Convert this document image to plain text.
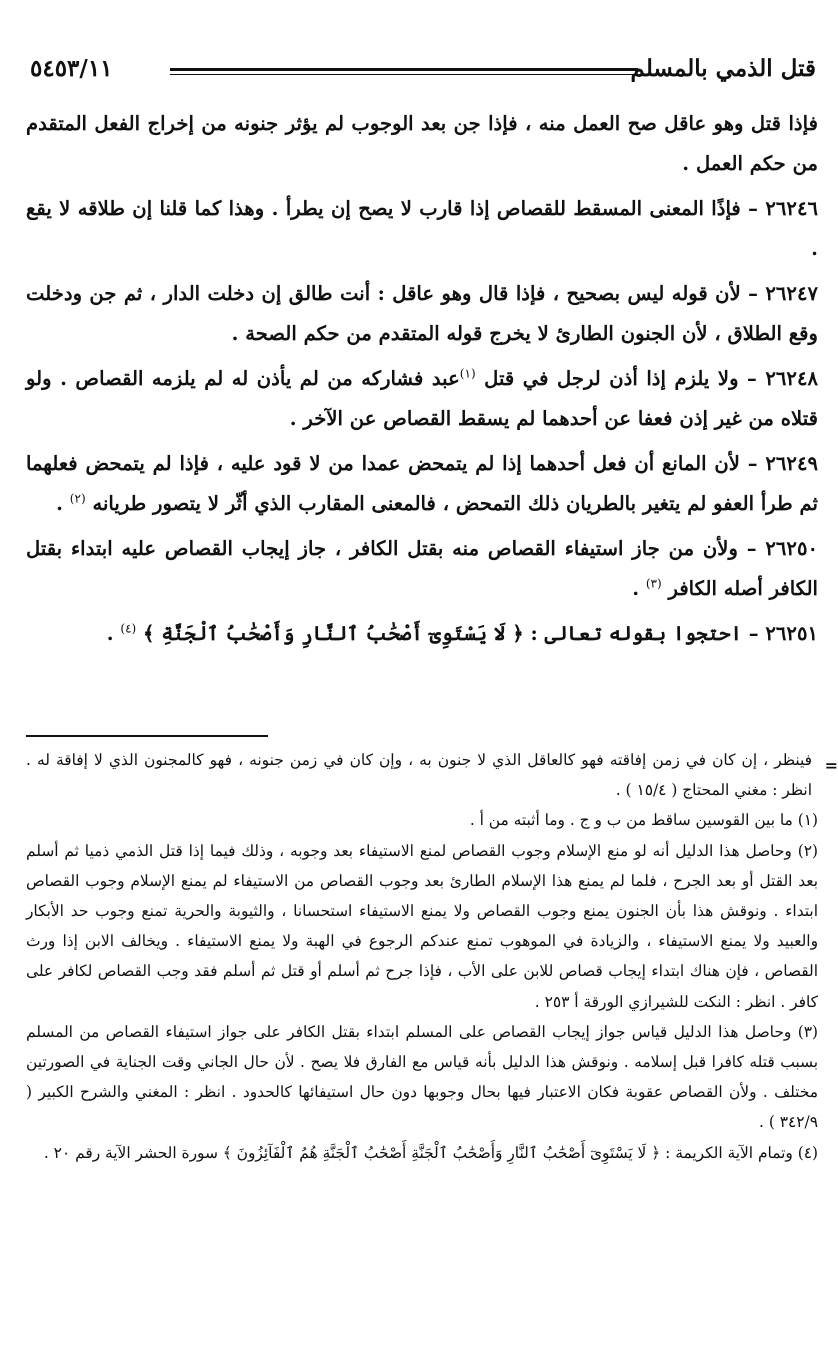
قتل الذمي بالمسلم
٥٤٥٣/١١

فإذا قتل وهو عاقل صح العمل منه ، فإذا جن بعد الوجوب لم يؤثر جنونه من إخراج الفعل المتقدم من حكم العمل .

٢٦٢٤٦ – فإذًا المعنى المسقط للقصاص إذا قارب لا يصح إن يطرأ . وهذا كما قلنا إن طلاقه لا يقع .

٢٦٢٤٧ – لأن قوله ليس بصحيح ، فإذا قال وهو عاقل : أنت طالق إن دخلت الدار ، ثم جن ودخلت وقع الطلاق ، لأن الجنون الطارئ لا يخرج قوله المتقدم من حكم الصحة .

٢٦٢٤٨ – ولا يلزم إذا أذن لرجل في قتل $^{(١)}$عبد فشاركه من لم يأذن له لم يلزمه القصاص . ولو قتلاه من غير إذن فعفا عن أحدهما لم يسقط القصاص عن الآخر .

٢٦٢٤٩ – لأن المانع أن فعل أحدهما إذا لم يتمحض عمدا من لا قود عليه ، فإذا لم يتمحض فعلهما ثم طرأ العفو لم يتغير بالطريان ذلك التمحض ، فالمعنى المقارب الذي أثّر لا يتصور طريانه $^{(٢)}$ .

٢٦٢٥٠ – ولأن من جاز استيفاء القصاص منه بقتل الكافر ، جاز إيجاب القصاص عليه ابتداء بقتل الكافر أصله الكافر $^{(٣)}$ .

٢٦٢٥١ – احتجوا بقوله تعالى : ﴿ لَا يَسْتَوِىٓ أَصْحَٰبُ ٱلنَّارِ وَأَصْحَٰبُ ٱلْجَنَّةِ ﴾ $^{(٤)}$ .

=
فينظر ، إن كان في زمن إفاقته فهو كالعاقل الذي لا جنون به ، وإن كان في زمن جنونه ، فهو كالمجنون الذي لا إفاقة له . انظر : مغني المحتاج ( ١٥/٤ ) .

(١) ما بين القوسين ساقط من ب و ج . وما أثبته من أ .

(٢) وحاصل هذا الدليل أنه لو منع الإسلام وجوب القصاص لمنع الاستيفاء بعد وجوبه ، وذلك فيما إذا قتل الذمي ذميا ثم أسلم بعد القتل أو بعد الجرح ، فلما لم يمنع هذا الإسلام الطارئ بعد وجوب القصاص من الاستيفاء لم يمنع الإسلام وجوب القصاص ابتداء . ونوقش هذا بأن الجنون يمنع وجوب القصاص ولا يمنع الاستيفاء استحسانا ، والثيوبة والحرية تمنع وجوب حد الأبكار والعبيد ولا يمنع الاستيفاء ، والزيادة في الموهوب تمنع عندكم الرجوع في الهبة ولا يمنع الاستيفاء . ويخالف الابن إذا ورث القصاص ، فإن هناك ابتداء إيجاب قصاص للابن على الأب ، فإذا جرح ثم أسلم أو قتل ثم أسلم فقد وجب القصاص لكافر على كافر . انظر : النكت للشيرازي الورقة أ ٢٥٣ .

(٣) وحاصل هذا الدليل قياس جواز إيجاب القصاص على المسلم ابتداء بقتل الكافر على جواز استيفاء القصاص من المسلم بسبب قتله كافرا قبل إسلامه . ونوقش هذا الدليل بأنه قياس مع الفارق فلا يصح . لأن حال الجاني وقت الجناية في الصورتين مختلف . ولأن القصاص عقوبة فكان الاعتبار فيها بحال وجوبها دون حال استيفائها كالحدود . انظر : المغني والشرح الكبير ( ٣٤٢/٩ ) .

(٤) وتمام الآية الكريمة : ﴿ لَا يَسْتَوِىٓ أَصْحَٰبُ ٱلنَّارِ وَأَصْحَٰبُ ٱلْجَنَّةِ أَصْحَٰبُ ٱلْجَنَّةِ هُمُ ٱلْفَآئِزُونَ ﴾ سورة الحشر الآية رقم ٢٠ .
